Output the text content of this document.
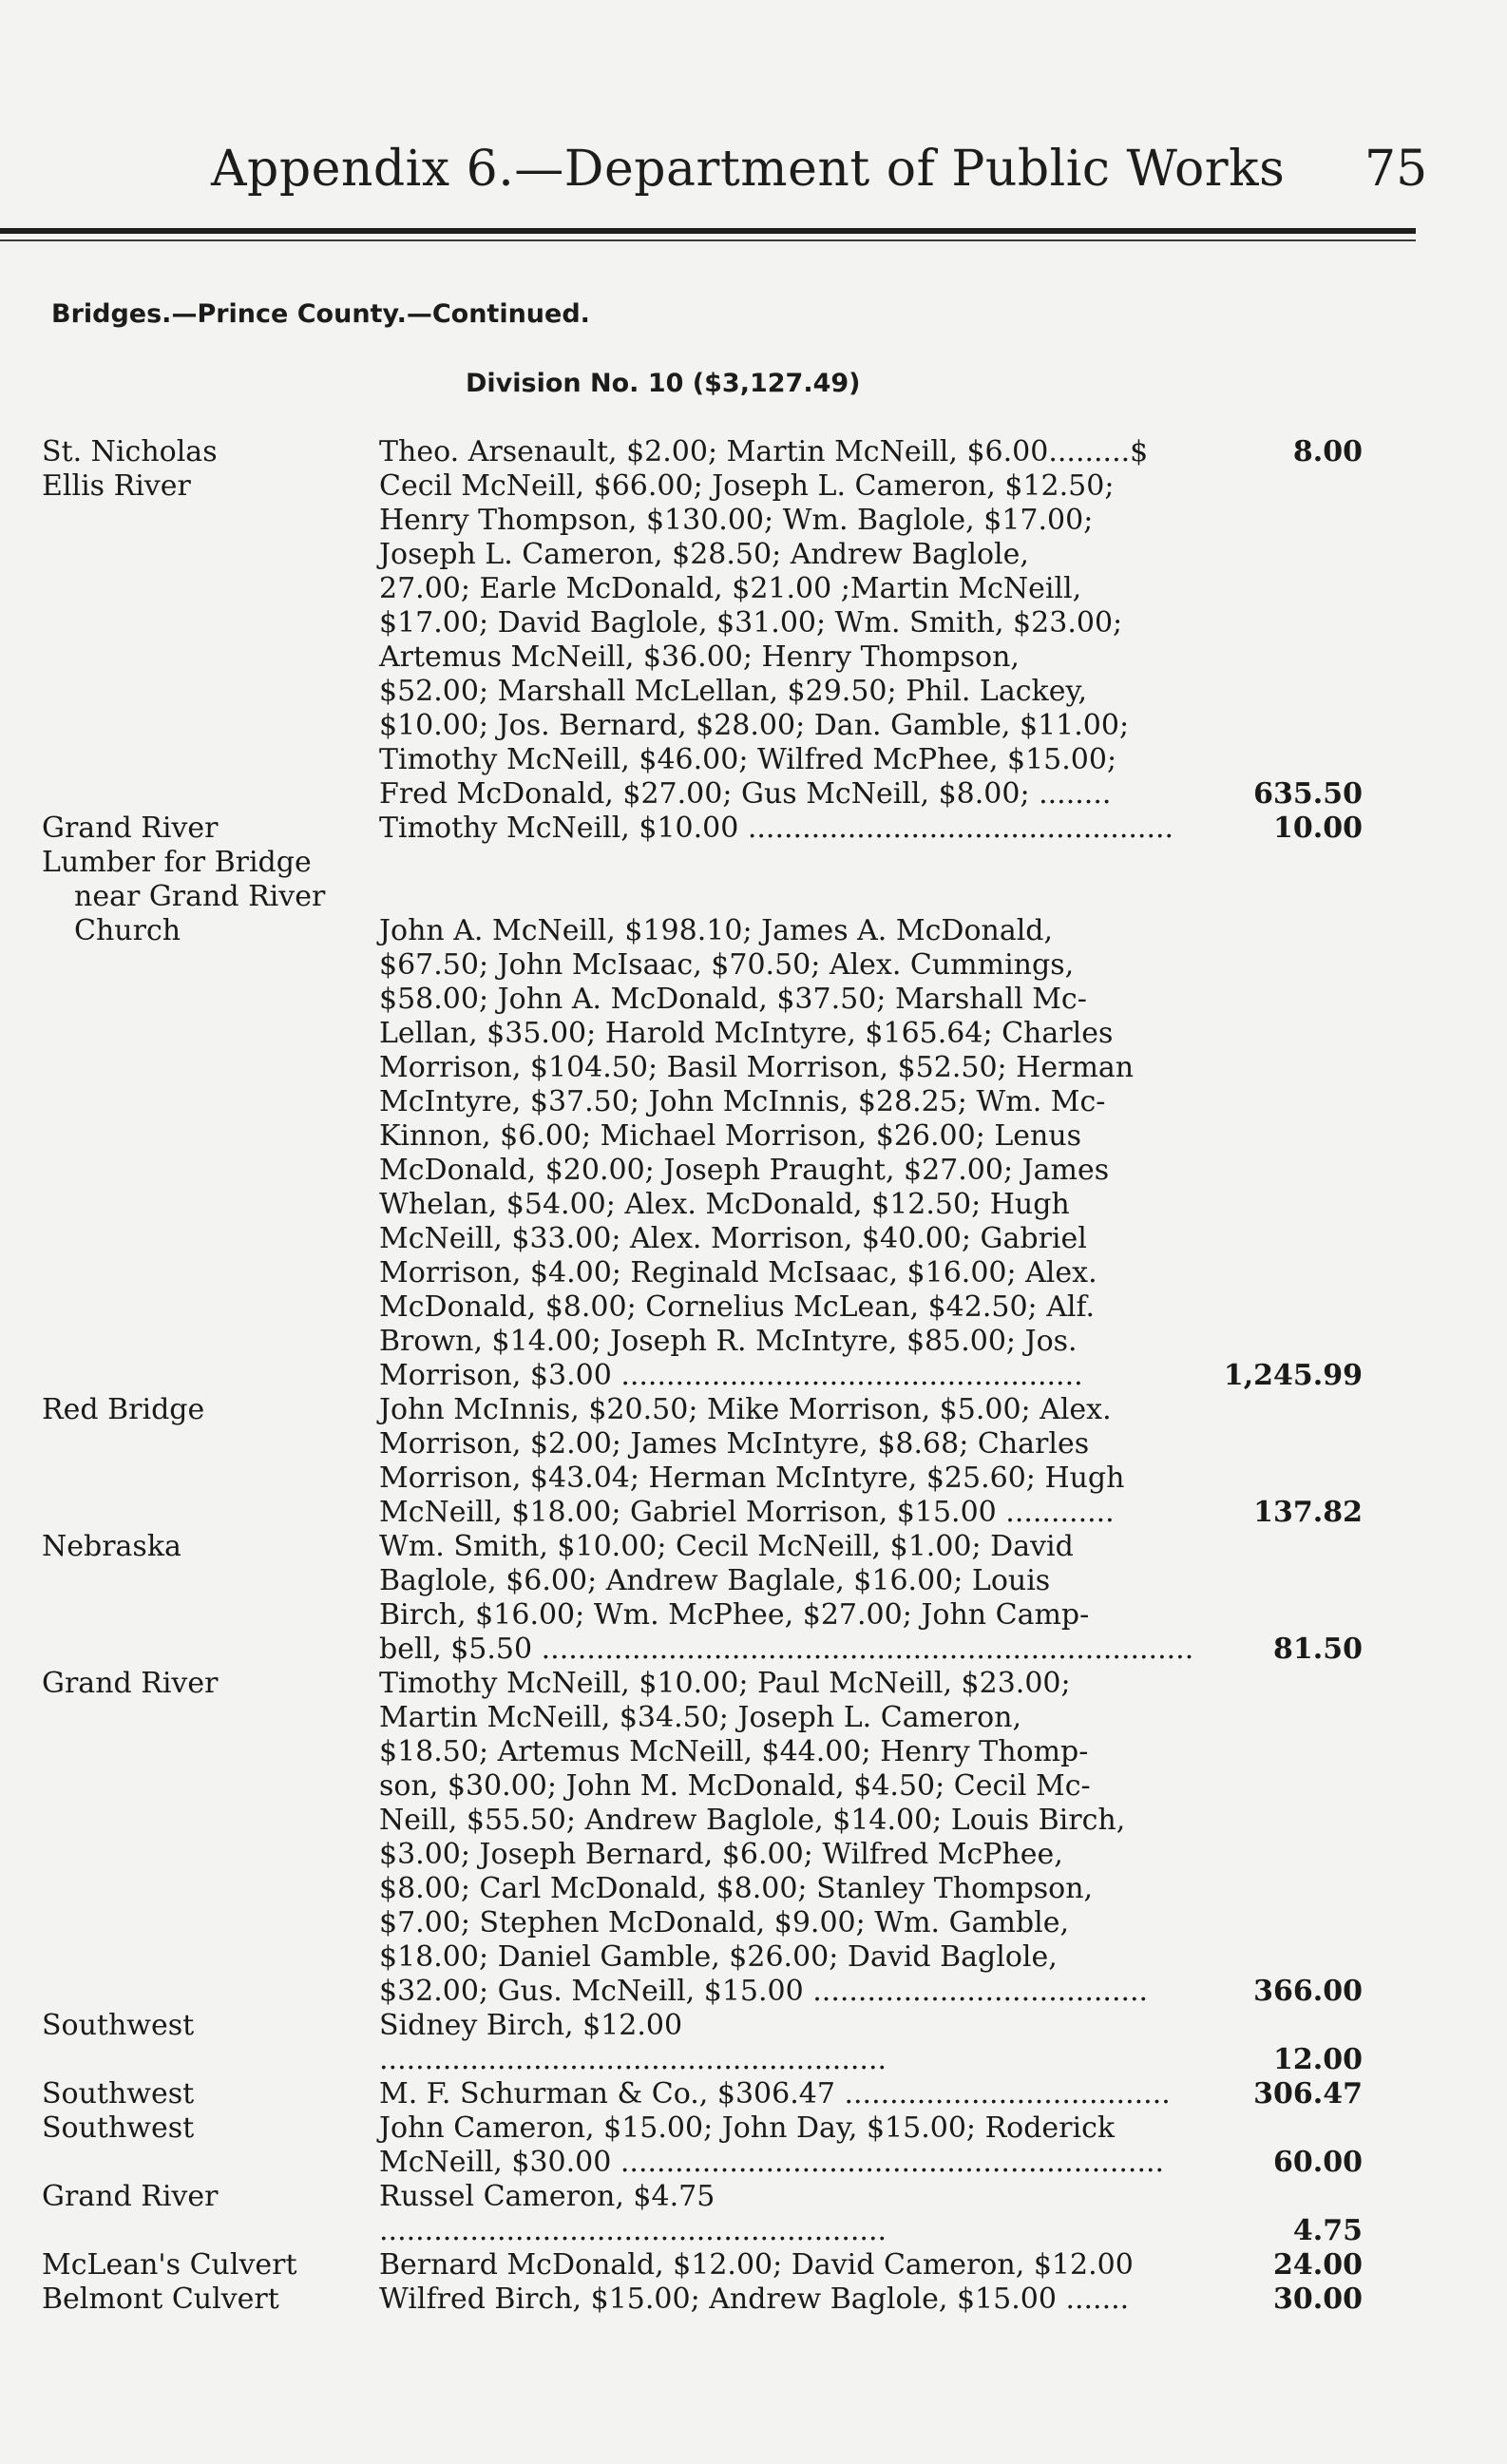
Appendix 6.—Department of Public Works 75
Bridges.—Prince County.—Continued.
Division No. 10 ($3,127.49)
St. Nicholas	Theo. Arsenault, $2.00; Martin McNeill, $6.00.........$	8.00
Ellis River	Cecil McNeill, $66.00; Joseph L. Cameron, $12.50;
Henry Thompson, $130.00; Wm. Baglole, $17.00;
Joseph L. Cameron, $28.50; Andrew Baglole,
27.00; Earle McDonald, $21.00 ;Martin McNeill,
$17.00; David Baglole, $31.00; Wm. Smith, $23.00;
Artemus McNeill, $36.00; Henry Thompson,
$52.00; Marshall McLellan, $29.50; Phil. Lackey,
$10.00; Jos. Bernard, $28.00; Dan. Gamble, $11.00;
Timothy McNeill, $46.00; Wilfred McPhee, $15.00;
Fred McDonald, $27.00; Gus McNeill, $8.00; ........	635.50
Grand River	Timothy McNeill, $10.00 ...............................................	10.00
Lumber for Bridge
near Grand River
Church

	John A. McNeill, $198.10; James A. McDonald,
$67.50; John McIsaac, $70.50; Alex. Cummings,
$58.00; John A. McDonald, $37.50; Marshall Mc-
Lellan, $35.00; Harold McIntyre, $165.64; Charles
Morrison, $104.50; Basil Morrison, $52.50; Herman
McIntyre, $37.50; John McInnis, $28.25; Wm. Mc-
Kinnon, $6.00; Michael Morrison, $26.00; Lenus
McDonald, $20.00; Joseph Praught, $27.00; James
Whelan, $54.00; Alex. McDonald, $12.50; Hugh
McNeill, $33.00; Alex. Morrison, $40.00; Gabriel
Morrison, $4.00; Reginald McIsaac, $16.00; Alex.
McDonald, $8.00; Cornelius McLean, $42.50; Alf.
Brown, $14.00; Joseph R. McIntyre, $85.00; Jos.
Morrison, $3.00 ...................................................	1,245.99
Red Bridge	John McInnis, $20.50; Mike Morrison, $5.00; Alex.
Morrison, $2.00; James McIntyre, $8.68; Charles
Morrison, $43.04; Herman McIntyre, $25.60; Hugh
McNeill, $18.00; Gabriel Morrison, $15.00 ............	137.82
Nebraska	Wm. Smith, $10.00; Cecil McNeill, $1.00; David
Baglole, $6.00; Andrew Baglale, $16.00; Louis
Birch, $16.00; Wm. McPhee, $27.00; John Camp-
bell, $5.50 ........................................................................	81.50
Grand River	Timothy McNeill, $10.00; Paul McNeill, $23.00;
Martin McNeill, $34.50; Joseph L. Cameron,
$18.50; Artemus McNeill, $44.00; Henry Thomp-
son, $30.00; John M. McDonald, $4.50; Cecil Mc-
Neill, $55.50; Andrew Baglole, $14.00; Louis Birch,
$3.00; Joseph Bernard, $6.00; Wilfred McPhee,
$8.00; Carl McDonald, $8.00; Stanley Thompson,
$7.00; Stephen McDonald, $9.00; Wm. Gamble,
$18.00; Daniel Gamble, $26.00; David Baglole,
$32.00; Gus. McNeill, $15.00 .....................................	366.00
Southwest	Sidney Birch, $12.00 ........................................................	12.00
Southwest	M. F. Schurman & Co., $306.47 ....................................	306.47
Southwest	John Cameron, $15.00; John Day, $15.00; Roderick
McNeill, $30.00 ............................................................	60.00
Grand River	Russel Cameron, $4.75 ........................................................	4.75
McLean's Culvert	Bernard McDonald, $12.00; David Cameron, $12.00	24.00
Belmont Culvert	Wilfred Birch, $15.00; Andrew Baglole, $15.00 .......	30.00
